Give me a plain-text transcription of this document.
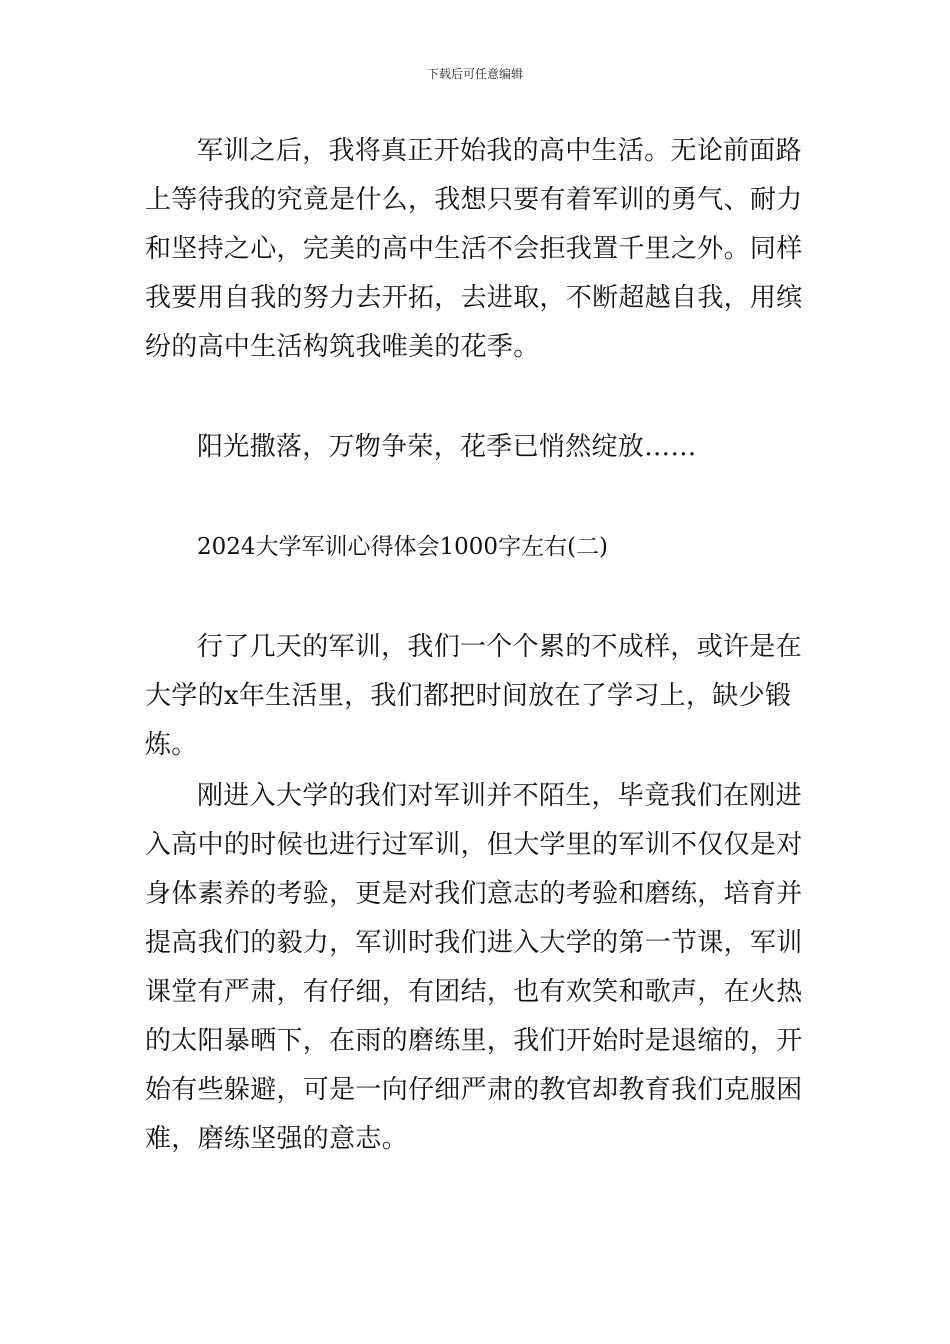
下载后可任意编辑

军训之后，我将真正开始我的高中生活。无论前面路上等待我的究竟是什么，我想只要有着军训的勇气、耐力和坚持之心，完美的高中生活不会拒我置千里之外。同样我要用自我的努力去开拓，去进取，不断超越自我，用缤纷的高中生活构筑我唯美的花季。

阳光撒落，万物争荣，花季已悄然绽放……

2024大学军训心得体会1000字左右(二)

行了几天的军训，我们一个个累的不成样，或许是在大学的x年生活里，我们都把时间放在了学习上，缺少锻炼。

刚进入大学的我们对军训并不陌生，毕竟我们在刚进入高中的时候也进行过军训，但大学里的军训不仅仅是对身体素养的考验，更是对我们意志的考验和磨练，培育并提高我们的毅力，军训时我们进入大学的第一节课，军训课堂有严肃，有仔细，有团结，也有欢笑和歌声，在火热的太阳暴晒下，在雨的磨练里，我们开始时是退缩的，开始有些躲避，可是一向仔细严肃的教官却教育我们克服困难，磨练坚强的意志。
